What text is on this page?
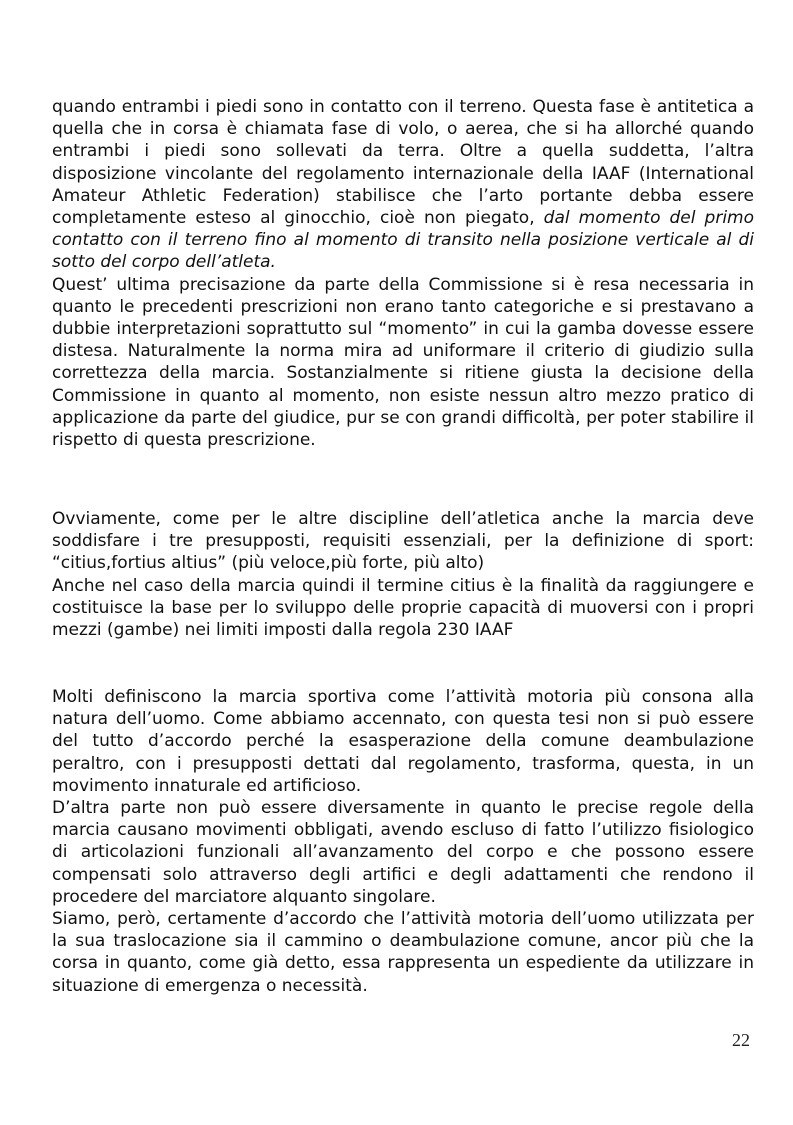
quando entrambi i piedi sono in contatto con il terreno. Questa fase è antitetica a quella che in corsa è chiamata fase di volo, o aerea, che si ha allorché quando entrambi i piedi sono sollevati da terra. Oltre a quella suddetta, l’altra disposizione vincolante del regolamento internazionale della IAAF (International Amateur Athletic Federation) stabilisce che l’arto portante debba essere completamente esteso al ginocchio, cioè non piegato, dal momento del primo contatto con il terreno fino al momento di transito nella posizione verticale al di sotto del corpo dell’atleta.

Quest’ ultima precisazione da parte della Commissione si è resa necessaria in quanto le precedenti prescrizioni non erano tanto categoriche e si prestavano a dubbie interpretazioni soprattutto sul “momento” in cui la gamba dovesse essere distesa. Naturalmente la norma mira ad uniformare il criterio di giudizio sulla correttezza della marcia. Sostanzialmente si ritiene giusta la decisione della Commissione in quanto al momento, non esiste nessun altro mezzo pratico di applicazione da parte del giudice, pur se con grandi difficoltà, per poter stabilire il rispetto di questa prescrizione.

Ovviamente, come per le altre discipline dell’atletica anche la marcia deve soddisfare i tre presupposti, requisiti essenziali, per la definizione di sport: “citius,fortius altius” (più veloce,più forte, più alto)

Anche nel caso della marcia quindi il termine citius è la finalità da raggiungere e costituisce la base per lo sviluppo delle proprie capacità di muoversi con i propri mezzi (gambe) nei limiti imposti dalla regola 230 IAAF

Molti definiscono la marcia sportiva come l’attività motoria più consona alla natura dell’uomo. Come abbiamo accennato, con questa tesi non si può essere del tutto d’accordo perché la esasperazione della comune deambulazione peraltro, con i presupposti dettati dal regolamento, trasforma, questa, in un movimento innaturale ed artificioso.

D’altra parte non può essere diversamente in quanto le precise regole della marcia causano movimenti obbligati, avendo escluso di fatto l’utilizzo fisiologico di articolazioni funzionali all’avanzamento del corpo e che possono essere compensati solo attraverso degli artifici e degli adattamenti che rendono il procedere del marciatore alquanto singolare.

Siamo, però, certamente d’accordo che l’attività motoria dell’uomo utilizzata per la sua traslocazione sia il cammino o deambulazione comune, ancor più che la corsa in quanto, come già detto, essa rappresenta un espediente da utilizzare in situazione di emergenza o necessità.

22
